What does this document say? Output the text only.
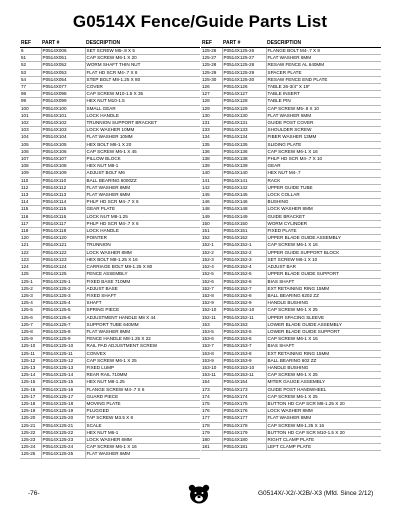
G0514X Fence/Guide Parts List
REF	PART #	DESCRIPTION
6	P0514X006	SET SCREW M5-.8 X 5
51	P0514X051	CAP SCREW M6-1 X 20
52	P0514X052	WORM SHAFT THIN NUT
53	P0514X053	FLAT HD SCR M4-.7 X 8
54	P0514X054	STEP BOLT M8-1.25 X 80
77	P0514X077	COVER
98	P0514X098	CAP SCREW M10-1.5 X 35
99	P0514X099	HEX NUT M10-1.5
100	P0514X100	SMALL GEAR
101	P0514X101	LOCK HANDLE
102	P0514X102	TRUNNION SUPPORT BRACKET
103	P0514X103	LOCK WASHER 10MM
104	P0514X104	FLAT WASHER 10MM
105	P0514X105	HEX BOLT M6-1 X 20
106	P0514X106	CAP SCREW M6-1 X 45
107	P0514X107	PILLOW BLOCK
108	P0514X108	HEX NUT M8-1
109	P0514X109	ADJUST BOLT M6
110	P0514X110	BALL BEARING 6000ZZ
112	P0514X112	FLAT WASHER 8MM
113	P0514X113	FLAT WASHER 6MM
114	P0514X114	PHLP HD SCR M4-.7 X 6
115	P0514X115	GEAR PLATE
116	P0514X116	LOCK NUT M8-1.25
117	P0514X117	PHLP HD SCR M4-.7 X 6
118	P0514X118	LOCK HANDLE
120	P0514X120	POINTER
121	P0514X121	TRUNNION
122	P0514X122	LOCK WASHER 8MM
123	P0514X123	HEX BOLT M8-1.25 X 16
124	P0514X124	CARRIAGE BOLT M8-1.25 X 80
125	P0514X125	FENCE ASSEMBLY
125-1	P0514X125-1	FIXED BASE 710MM
125-2	P0514X125-2	ADJUST BASE
125-3	P0514X125-3	FIXED SHAFT
125-4	P0514X125-4	SHAFT
125-5	P0514X125-5	SPRING PIECE
125-6	P0514X125-6	ADJUSTMENT HANDLE M8 X 44
125-7	P0514X125-7	SUPPORT TUBE 640MM
125-8	P0514X125-8	FLAT WASHER 8MM
125-9	P0514X125-9	FENCE HANDLE M8-1.25 X 22
125-10	P0514X125-10	RAIL PAD ADJUSTMENT SCREW
125-11	P0514X125-11	CONVEX
125-12	P0514X125-12	CAP SCREW M6-1 X 25
125-13	P0514X125-13	FIXED LUMP
125-14	P0514X125-14	REAR RAIL 710MM
125-15	P0514X125-15	HEX NUT M8-1.25
125-16	P0514X125-16	FLANGE SCREW M4-.7 X 6
125-17	P0514X125-17	GUARD PIECE
125-18	P0514X125-18	MOVING PLATE
125-19	P0514X125-19	PLUGGED
125-20	P0514X125-20	TAP SCREW M3.5 X 8
125-21	P0514X125-21	SCALE
125-22	P0514X125-22	HEX NUT M6-1
125-23	P0514X125-23	LOCK WASHER 6MM
125-24	P0514X125-24	CAP SCREW M6-1 X 16
125-25	P0514X125-25	FLAT WASHER 6MM
REF	PART #	DESCRIPTION
125-26	P0514X125-26	FLANGE BOLT M4-.7 X 8
125-27	P0514X125-27	FLAT WASHER 6MM
125-28	P0514X125-28	RESAW FENCE AL 640MM
125-29	P0514X125-29	SPACER PLATE
125-30	P0514X125-30	RESAW FENCE END PLATE
126	P0514X126	TABLE 26-3/4" X 19"
127	P0514X127	TABLE INSERT
128	P0514X128	TABLE PIN
129	P0514X129	CAP SCREW M5-.8 X 10
130	P0514X130	FLAT WASHER 5MM
131	P0514X131	GUIDE POST COVER
133	P0514X133	SHOULDER SCREW
134	P0514X134	FIBER WASHER 13MM
135	P0514X135	SLIDING PLATE
136	P0514X136	CAP SCREW M6-1 X 16
138	P0514X138	PHLP HD SCR M4-.7 X 10
139	P0514X139	GEAR
140	P0514X140	HEX NUT M4-.7
141	P0514X141	RACK
142	P0514X142	UPPER GUIDE TUBE
145	P0514X145	LOCK COLLAR
146	P0514X146	BUSHING
148	P0514X148	LOCK WASHER 8MM
149	P0514X149	GUIDE BRACKET
150	P0514X150	WORM CYLINDER
151	P0514X151	FIXED PLATE
152	P0514X152	UPPER BLADE GUIDE ASSEMBLY
152-1	P0514X152-1	CAP SCREW M6-1 X 16
152-2	P0514X152-2	UPPER GUIDE SUPPORT BLOCK
152-3	P0514X152-3	SET SCREW M6-1 X 10
152-4	P0514X152-4	ADJUST BAR
152-5	P0514X152-5	UPPER BLADE GUIDE SUPPORT
152-6	P0514X152-6	BIAS SHAFT
152-7	P0514X152-7	EXT RETAINING RING 15MM
152-8	P0514X152-8	BALL BEARING 6202 ZZ
152-9	P0514X152-9	HANDLE BUSHING
152-10	P0514X152-10	CAP SCREW M6-1 X 25
152-11	P0514X152-11	UPPER SPACING SLEEVE
153	P0514X153	LOWER BLADE GUIDE ASSEMBLY
153-5	P0514X153-5	LOWER BLADE GUIDE SUPPORT
153-6	P0514X153-6	CAP SCREW M6-1 X 16
153-7	P0514X153-7	BIAS SHAFT
153-8	P0514X153-8	EXT RETAINING RING 15MM
153-9	P0514X153-9	BALL BEARING 602 ZZ
153-10	P0514X153-10	HANDLE BUSHING
153-11	P0514X153-11	CAP SCREW M6-1 X 25
154	P0514X154	MITER GAUGE ASSEMBLY
173	P0514X173	GUIDE POST HANDWHEEL
174	P0514X174	CAP SCREW M6-1 X 25
175	P0514X175	BUTTON HD CAP SCR M8-1.25 X 20
176	P0514X176	LOCK WASHER 8MM
177	P0514X177	FLAT WASHER 8MM
178	P0514X178	CAP SCREW M8-1.25 X 16
179	P0514X179	BUTTON HD CAP SCR M10-1.5 X 20
180	P0514X180	RIGHT CLAMP PLATE
181	P0514X181	LEFT CLAMP PLATE
-76-	G0514X/-X2/-X2B/-X3 (Mfd. Since 2/12)
